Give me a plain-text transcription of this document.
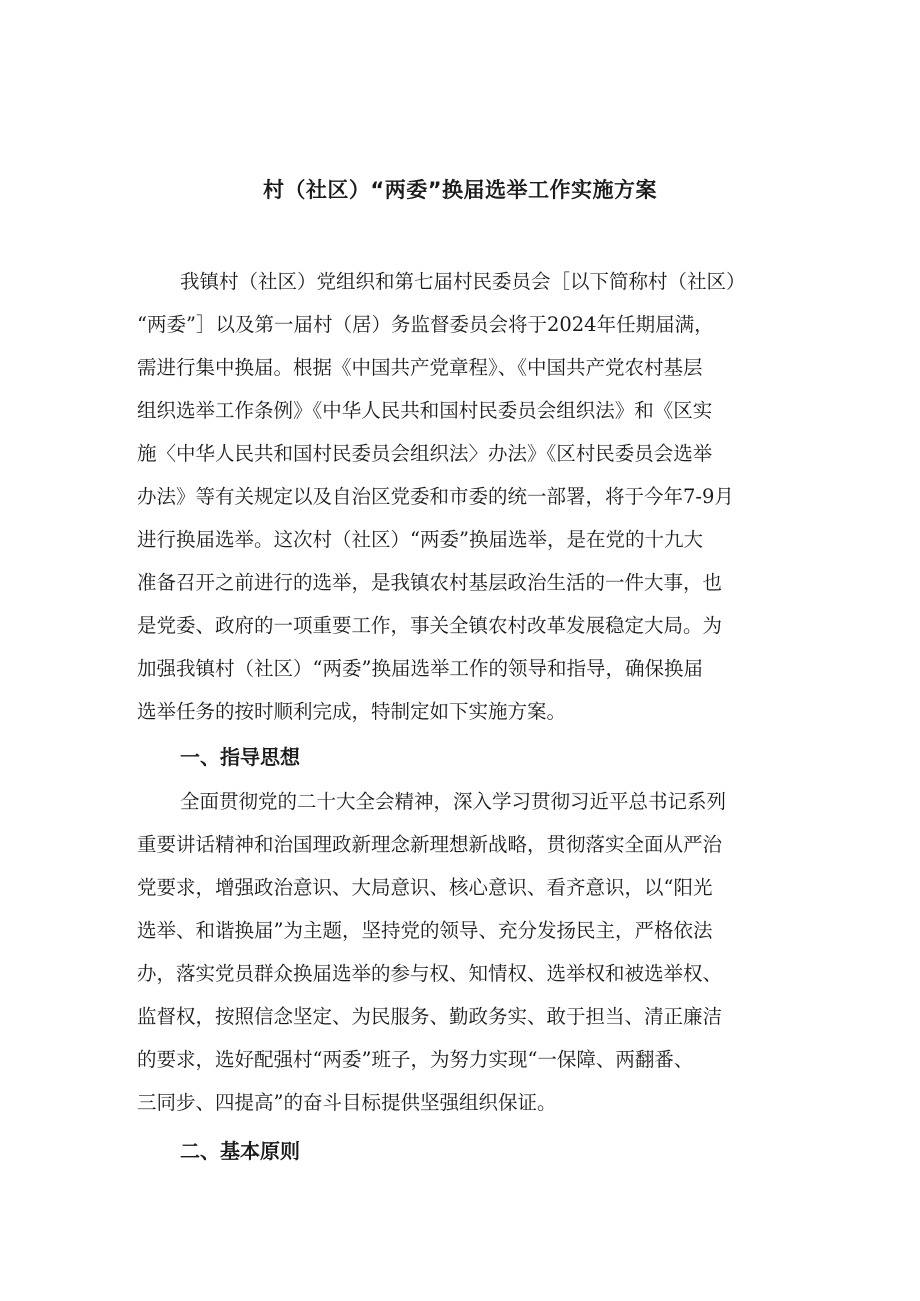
村（社区）“两委”换届选举工作实施方案
我镇村（社区）党组织和第七届村民委员会［以下简称村（社区）
“两委”］以及第一届村（居）务监督委员会将于2024年任期届满，
需进行集中换届。根据《中国共产党章程》、《中国共产党农村基层
组织选举工作条例》《中华人民共和国村民委员会组织法》和《区实
施〈中华人民共和国村民委员会组织法〉办法》《区村民委员会选举
办法》等有关规定以及自治区党委和市委的统一部署，将于今年7-9月
进行换届选举。这次村（社区）“两委”换届选举，是在党的十九大
准备召开之前进行的选举，是我镇农村基层政治生活的一件大事，也
是党委、政府的一项重要工作，事关全镇农村改革发展稳定大局。为
加强我镇村（社区）“两委”换届选举工作的领导和指导，确保换届
选举任务的按时顺利完成，特制定如下实施方案。
一、指导思想
全面贯彻党的二十大全会精神，深入学习贯彻习近平总书记系列
重要讲话精神和治国理政新理念新理想新战略，贯彻落实全面从严治
党要求，增强政治意识、大局意识、核心意识、看齐意识，以“阳光
选举、和谐换届”为主题，坚持党的领导、充分发扬民主，严格依法
办，落实党员群众换届选举的参与权、知情权、选举权和被选举权、
监督权，按照信念坚定、为民服务、勤政务实、敢于担当、清正廉洁
的要求，选好配强村“两委”班子，为努力实现“一保障、两翻番、
三同步、四提高”的奋斗目标提供坚强组织保证。
二、基本原则
